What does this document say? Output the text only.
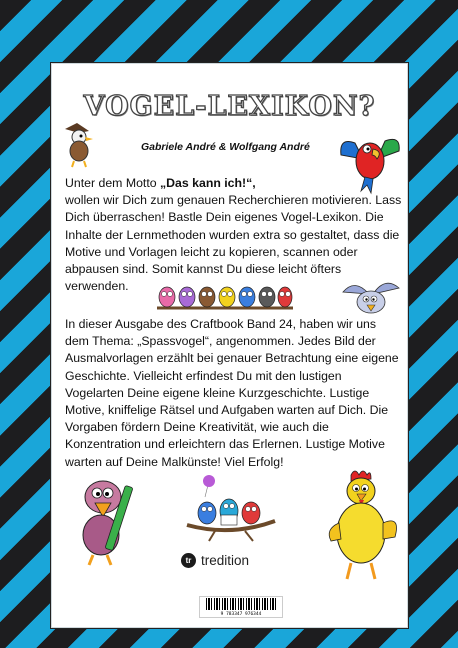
VOGEL-LEXIKON?
Gabriele André & Wolfgang André
Unter dem Motto „Das kann ich!“,
wollen wir Dich zum genauen Recherchieren motivieren. Lass Dich überraschen! Bastle Dein eigenes Vogel-Lexikon. Die Inhalte der Lernmethoden wurden extra so gestaltet, dass die Motive und Vorlagen leicht zu kopieren, scannen oder abpausen sind. Somit kannst Du diese leicht öfters verwenden.
In dieser Ausgabe des Craftbook Band 24, haben wir uns dem Thema: „Spassvogel“, angenommen. Jedes Bild der Ausmalvorlagen erzählt bei genauer Betrachtung eine eigene Geschichte. Vielleicht erfindest Du mit den lustigen Vogelarten Deine eigene kleine Kurzgeschichte. Lustige Motive, kniffelige Rätsel und Aufgaben warten auf Dich. Die Vorgaben fördern Deine Kreativität, wie auch die Konzentration und erleichtern das Erlernen. Lustige Motive warten auf Deine Malkünste! Viel Erfolg!
tr tredition
9 783347 976344
